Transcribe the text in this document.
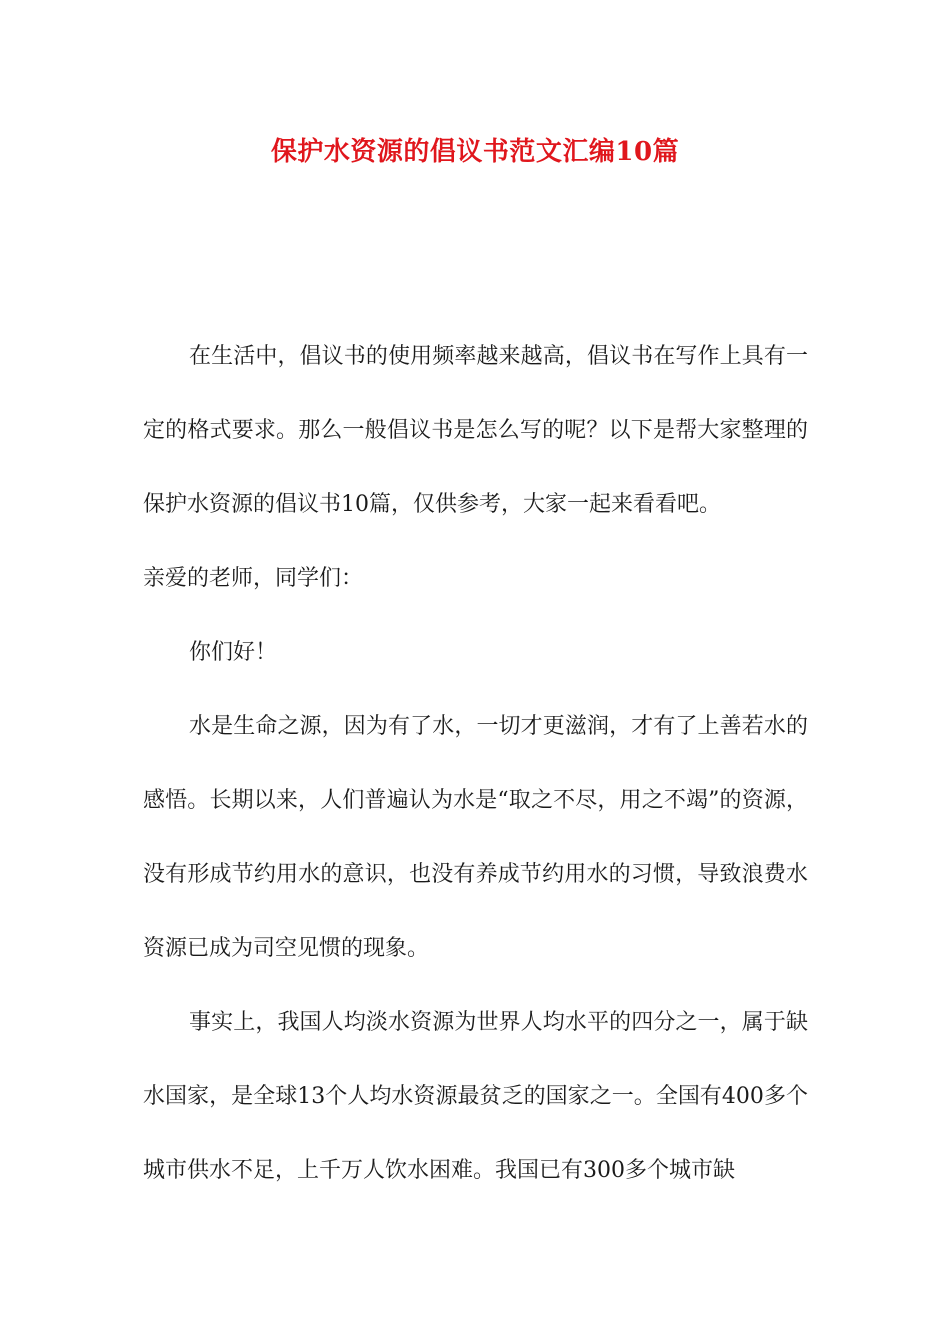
保护水资源的倡议书范文汇编10篇

在生活中，倡议书的使用频率越来越高，倡议书在写作上具有一定的格式要求。那么一般倡议书是怎么写的呢？以下是帮大家整理的保护水资源的倡议书10篇，仅供参考，大家一起来看看吧。

亲爱的老师，同学们：

你们好！

水是生命之源，因为有了水，一切才更滋润，才有了上善若水的感悟。长期以来，人们普遍认为水是“取之不尽，用之不竭”的资源，没有形成节约用水的意识，也没有养成节约用水的习惯，导致浪费水资源已成为司空见惯的现象。

事实上，我国人均淡水资源为世界人均水平的四分之一，属于缺水国家，是全球13个人均水资源最贫乏的国家之一。全国有400多个城市供水不足，上千万人饮水困难。我国已有300多个城市缺
